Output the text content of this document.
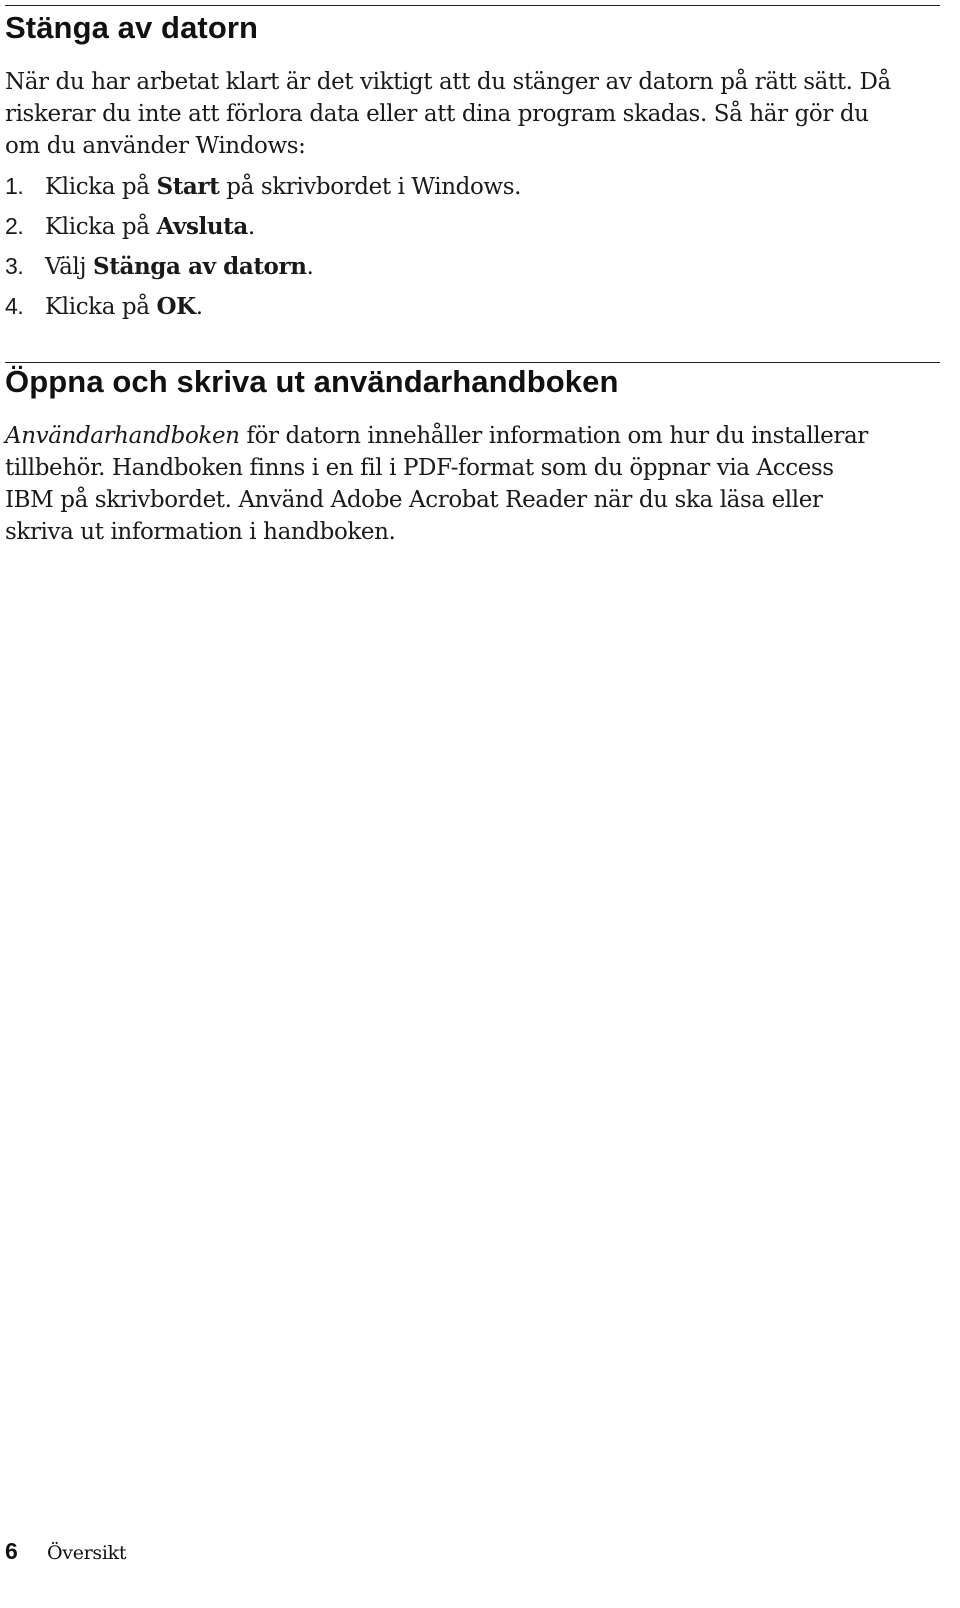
Stänga av datorn

När du har arbetat klart är det viktigt att du stänger av datorn på rätt sätt. Då
riskerar du inte att förlora data eller att dina program skadas. Så här gör du
om du använder Windows:

1. Klicka på Start på skrivbordet i Windows.
2. Klicka på Avsluta.
3. Välj Stänga av datorn.
4. Klicka på OK.
Öppna och skriva ut användarhandboken

Användarhandboken för datorn innehåller information om hur du installerar
tillbehör. Handboken finns i en fil i PDF-format som du öppnar via Access
IBM på skrivbordet. Använd Adobe Acrobat Reader när du ska läsa eller
skriva ut information i handboken.

6 Översikt
